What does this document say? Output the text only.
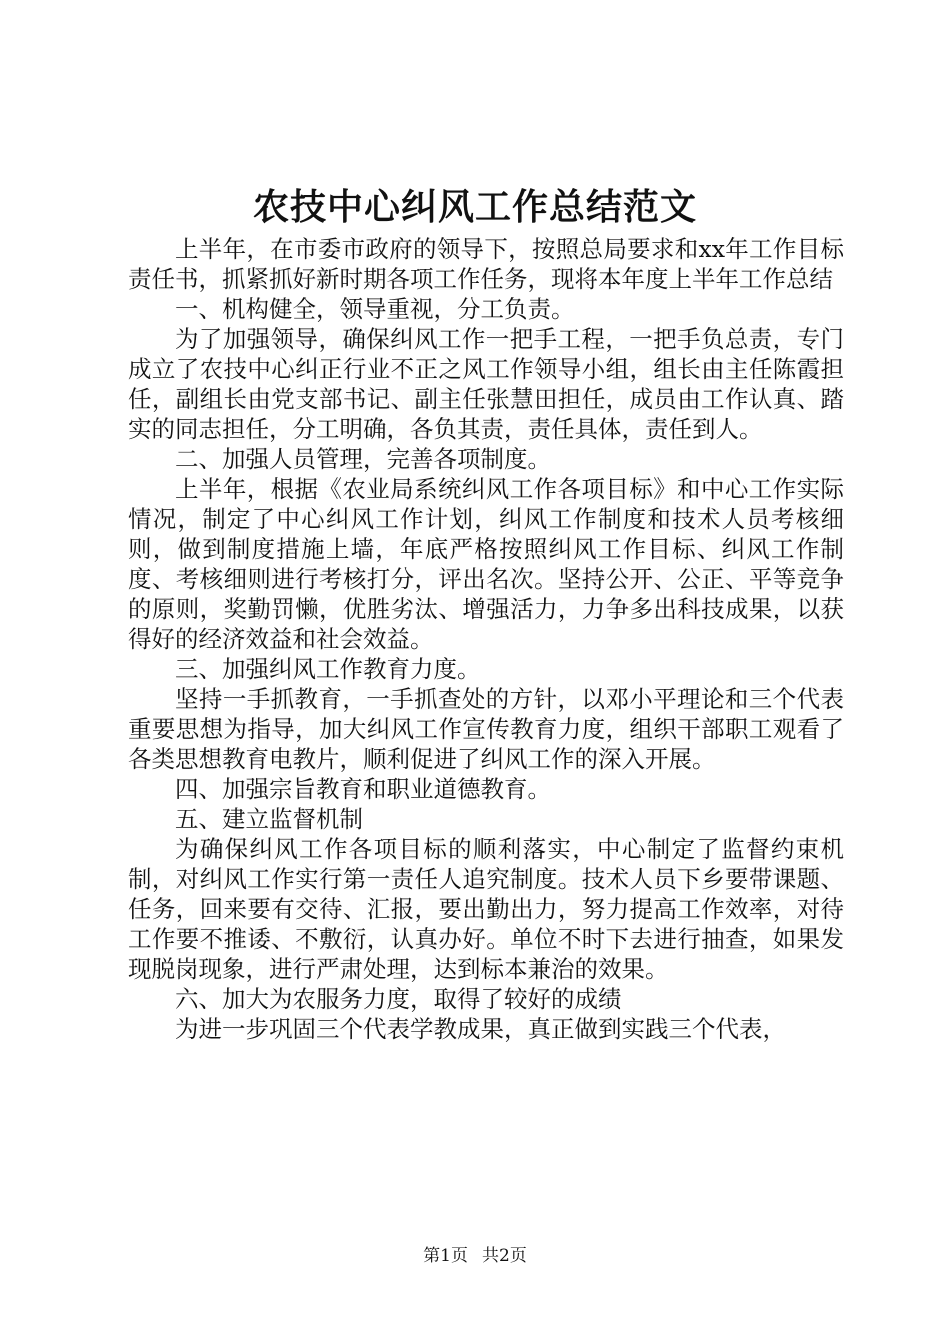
农技中心纠风工作总结范文

上半年，在市委市政府的领导下，按照总局要求和xx年工作目标责任书，抓紧抓好新时期各项工作任务，现将本年度上半年工作总结

一、机构健全，领导重视，分工负责。

为了加强领导，确保纠风工作一把手工程，一把手负总责，专门成立了农技中心纠正行业不正之风工作领导小组，组长由主任陈霞担任，副组长由党支部书记、副主任张慧田担任，成员由工作认真、踏实的同志担任，分工明确，各负其责，责任具体，责任到人。

二、加强人员管理，完善各项制度。

上半年，根据《农业局系统纠风工作各项目标》和中心工作实际情况，制定了中心纠风工作计划，纠风工作制度和技术人员考核细则，做到制度措施上墙，年底严格按照纠风工作目标、纠风工作制度、考核细则进行考核打分，评出名次。坚持公开、公正、平等竞争的原则，奖勤罚懒，优胜劣汰、增强活力，力争多出科技成果，以获得好的经济效益和社会效益。

三、加强纠风工作教育力度。

坚持一手抓教育，一手抓查处的方针，以邓小平理论和三个代表重要思想为指导，加大纠风工作宣传教育力度，组织干部职工观看了各类思想教育电教片，顺利促进了纠风工作的深入开展。

四、加强宗旨教育和职业道德教育。

五、建立监督机制

为确保纠风工作各项目标的顺利落实，中心制定了监督约束机制，对纠风工作实行第一责任人追究制度。技术人员下乡要带课题、任务，回来要有交待、汇报，要出勤出力，努力提高工作效率，对待工作要不推诿、不敷衍，认真办好。单位不时下去进行抽查，如果发现脱岗现象，进行严肃处理，达到标本兼治的效果。

六、加大为农服务力度，取得了较好的成绩

为进一步巩固三个代表学教成果，真正做到实践三个代表，

第1页 共2页
